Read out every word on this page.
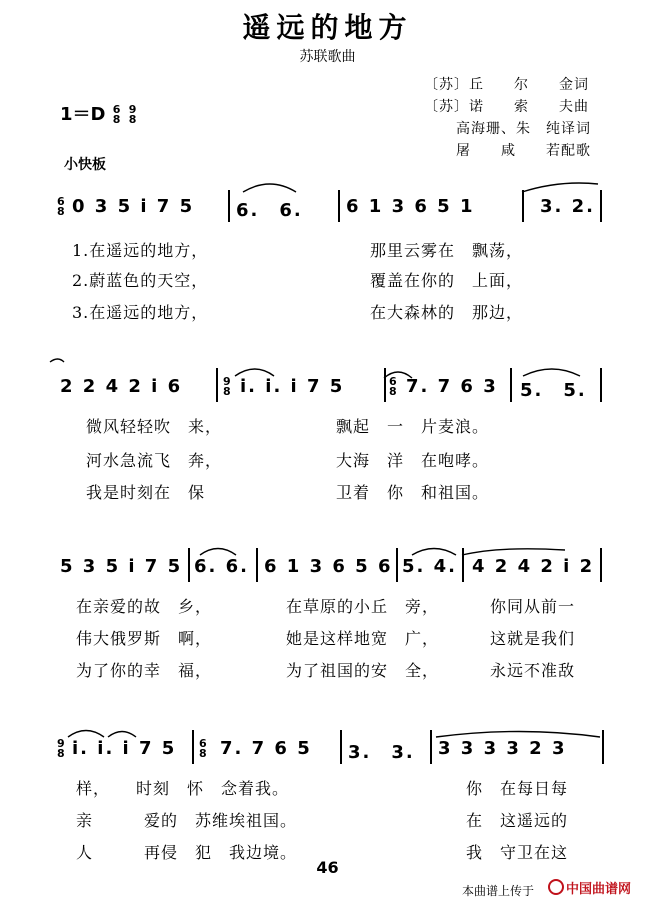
遥远的地方
苏联歌曲
〔苏〕丘　　尔　　金词
〔苏〕诺　　索　　夫曲
高海珊、朱　纯译词
屠　　咸　　若配歌
1＝D 6
8

9
8
小快板
6
8 0 3 5 i 7 5 6.　6. 6 1 3 6 5 1	3. 2.
1.在遥远的地方，	那里云雾在　飘荡，
2.蔚蓝色的天空，	覆盖在你的　上面，
3.在遥远的地方，	在大森林的　那边，
2 2 4 2 i 6	9
8 i. i. i 7 5	6
8 7. 7 6 3 5.　5.
微风轻轻吹　来，	飘起　一　片麦浪。
河水急流飞　奔，	大海　洋　在咆哮。
我是时刻在　保	卫着　你　和祖国。
5 3 5 i 7 5 6. 6. 6 1 3 6 5 6 5. 4. 4 2 4 2 i 2
在亲爱的故　乡，	在草原的小丘　旁，	你同从前一
伟大俄罗斯　啊，	她是这样地宽　广，	这就是我们
为了你的幸　福，	为了祖国的安　全，	永远不准敌
9
8 i. i. i 7 5 6
8 7. 7 6 5 3.　3. 3 3 3 3 2 3
样，　　时刻　怀　念着我。	你　在每日每
亲　　　爱的　苏维埃祖国。	在　这遥远的
人　　　再侵　犯　我边境。	我　守卫在这
46
本曲谱上传于	中国曲谱网
